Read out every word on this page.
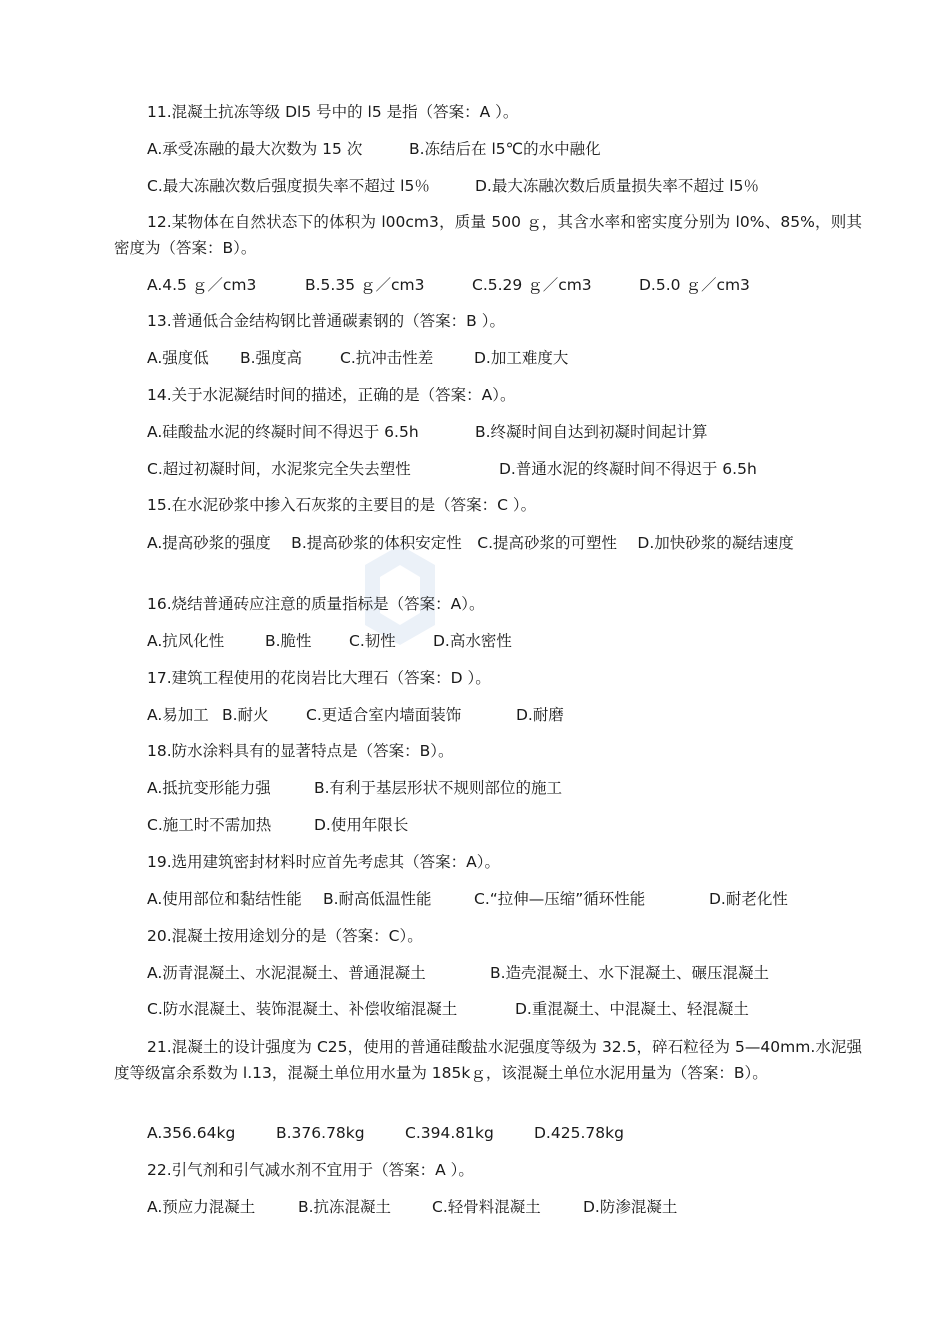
11.混凝土抗冻等级 Dl5 号中的 l5 是指（答案：A ）。
A.承受冻融的最大次数为 15 次	B.冻结后在 l5℃的水中融化
C.最大冻融次数后强度损失率不超过 l5％	D.最大冻融次数后质量损失率不超过 l5％
12.某物体在自然状态下的体积为 l00cm3，质量 500 ｇ，其含水率和密实度分别为 l0%、85%，则其密度为（答案：B）。
A.4.5 ｇ／cm3	B.5.35 ｇ／cm3	C.5.29 ｇ／cm3	D.5.0 ｇ／cm3
13.普通低合金结构钢比普通碳素钢的（答案：B ）。
A.强度低 B.强度高 C.抗冲击性差	D.加工难度大
14.关于水泥凝结时间的描述，正确的是（答案：A）。
A.硅酸盐水泥的终凝时间不得迟于 6.5h	B.终凝时间自达到初凝时间起计算
C.超过初凝时间，水泥浆完全失去塑性	D.普通水泥的终凝时间不得迟于 6.5h
15.在水泥砂浆中掺入石灰浆的主要目的是（答案：C ）。
A.提高砂浆的强度　 B.提高砂浆的体积安定性　C.提高砂浆的可塑性　 D.加快砂浆的凝结速度
16.烧结普通砖应注意的质量指标是（答案：A）。
A.抗风化性	B.脆性 C.韧性 D.高水密性
17.建筑工程使用的花岗岩比大理石（答案：D ）。
A.易加工 B.耐火 C.更适合室内墙面装饰	D.耐磨
18.防水涂料具有的显著特点是（答案：B）。
A.抵抗变形能力强	B.有利于基层形状不规则部位的施工
C.施工时不需加热	D.使用年限长
19.选用建筑密封材料时应首先考虑其（答案：A）。
A.使用部位和黏结性能 B.耐高低温性能	C.“拉伸—压缩”循环性能	D.耐老化性
20.混凝土按用途划分的是（答案：C）。
A.沥青混凝土、水泥混凝土、普通混凝土	B.造壳混凝土、水下混凝土、碾压混凝土
C.防水混凝土、装饰混凝土、补偿收缩混凝土	D.重混凝土、中混凝土、轻混凝土
21.混凝土的设计强度为 C25，使用的普通硅酸盐水泥强度等级为 32.5，碎石粒径为 5—40mm.水泥强度等级富余系数为 l.13，混凝土单位用水量为 185kｇ，该混凝土单位水泥用量为（答案：B）。
A.356.64kg	B.376.78kg	C.394.81kg	D.425.78kg
22.引气剂和引气减水剂不宜用于（答案：A ）。
A.预应力混凝土	B.抗冻混凝土	C.轻骨料混凝土	D.防渗混凝土
